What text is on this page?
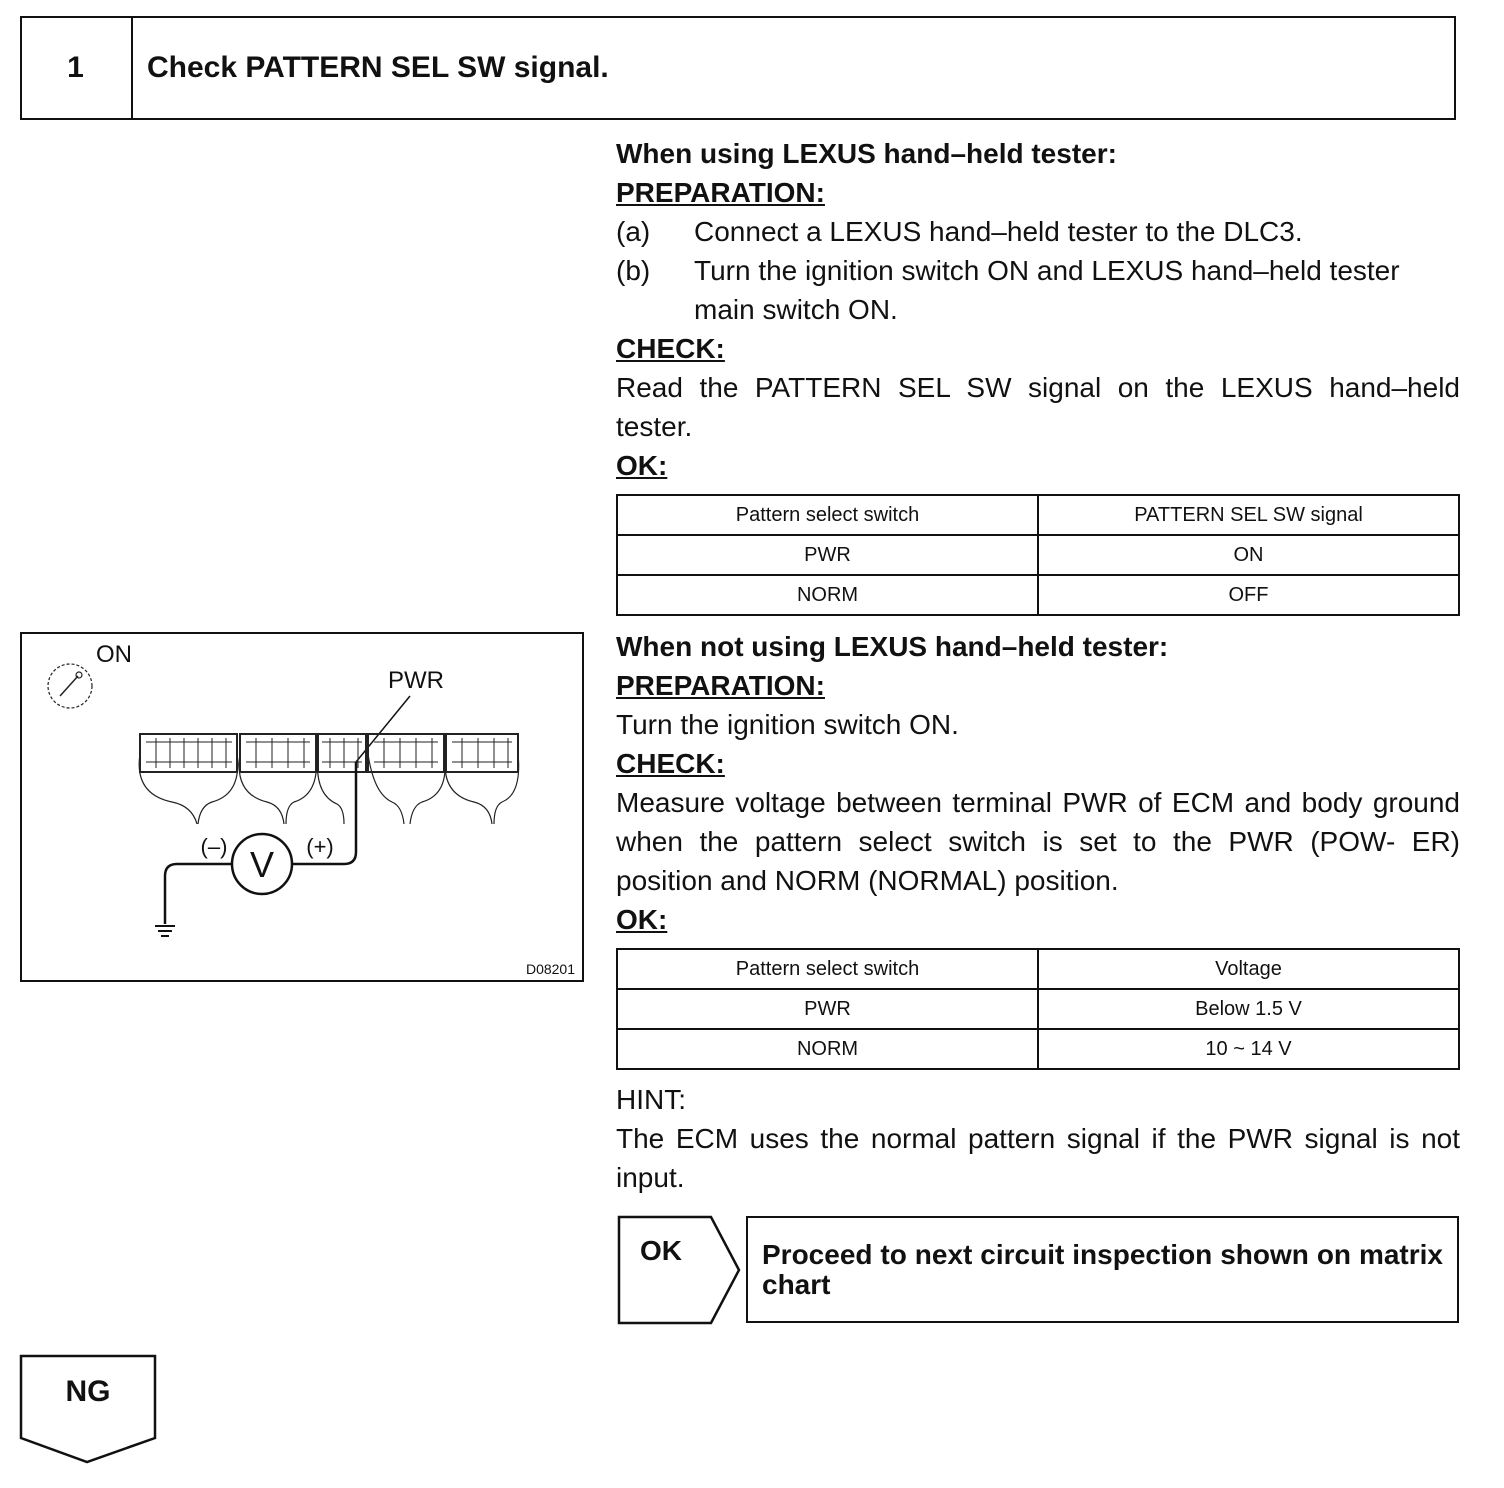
1	Check PATTERN SEL SW signal.
When using LEXUS hand–held tester:
PREPARATION:
(a)	Connect a LEXUS hand–held tester to the DLC3.
(b)	Turn the ignition switch ON and LEXUS hand–held tester main switch ON.
CHECK:
Read the PATTERN SEL SW signal on the LEXUS hand–held tester.
OK:
Pattern select switch	PATTERN SEL SW signal
PWR	ON
NORM	OFF
When not using LEXUS hand–held tester:
PREPARATION:
Turn the ignition switch ON.
CHECK:
Measure voltage between terminal PWR of ECM and body ground when the pattern select switch is set to the PWR (POW- ER) position and NORM (NORMAL) position.
OK:
Pattern select switch	Voltage
PWR	Below 1.5 V
NORM	10 ~ 14 V
HINT:
The ECM uses the normal pattern signal if the PWR signal is not input.
ON
PWR
V
(–)	(+)
D08201
OK	Proceed to next circuit inspection shown on matrix chart
NG
